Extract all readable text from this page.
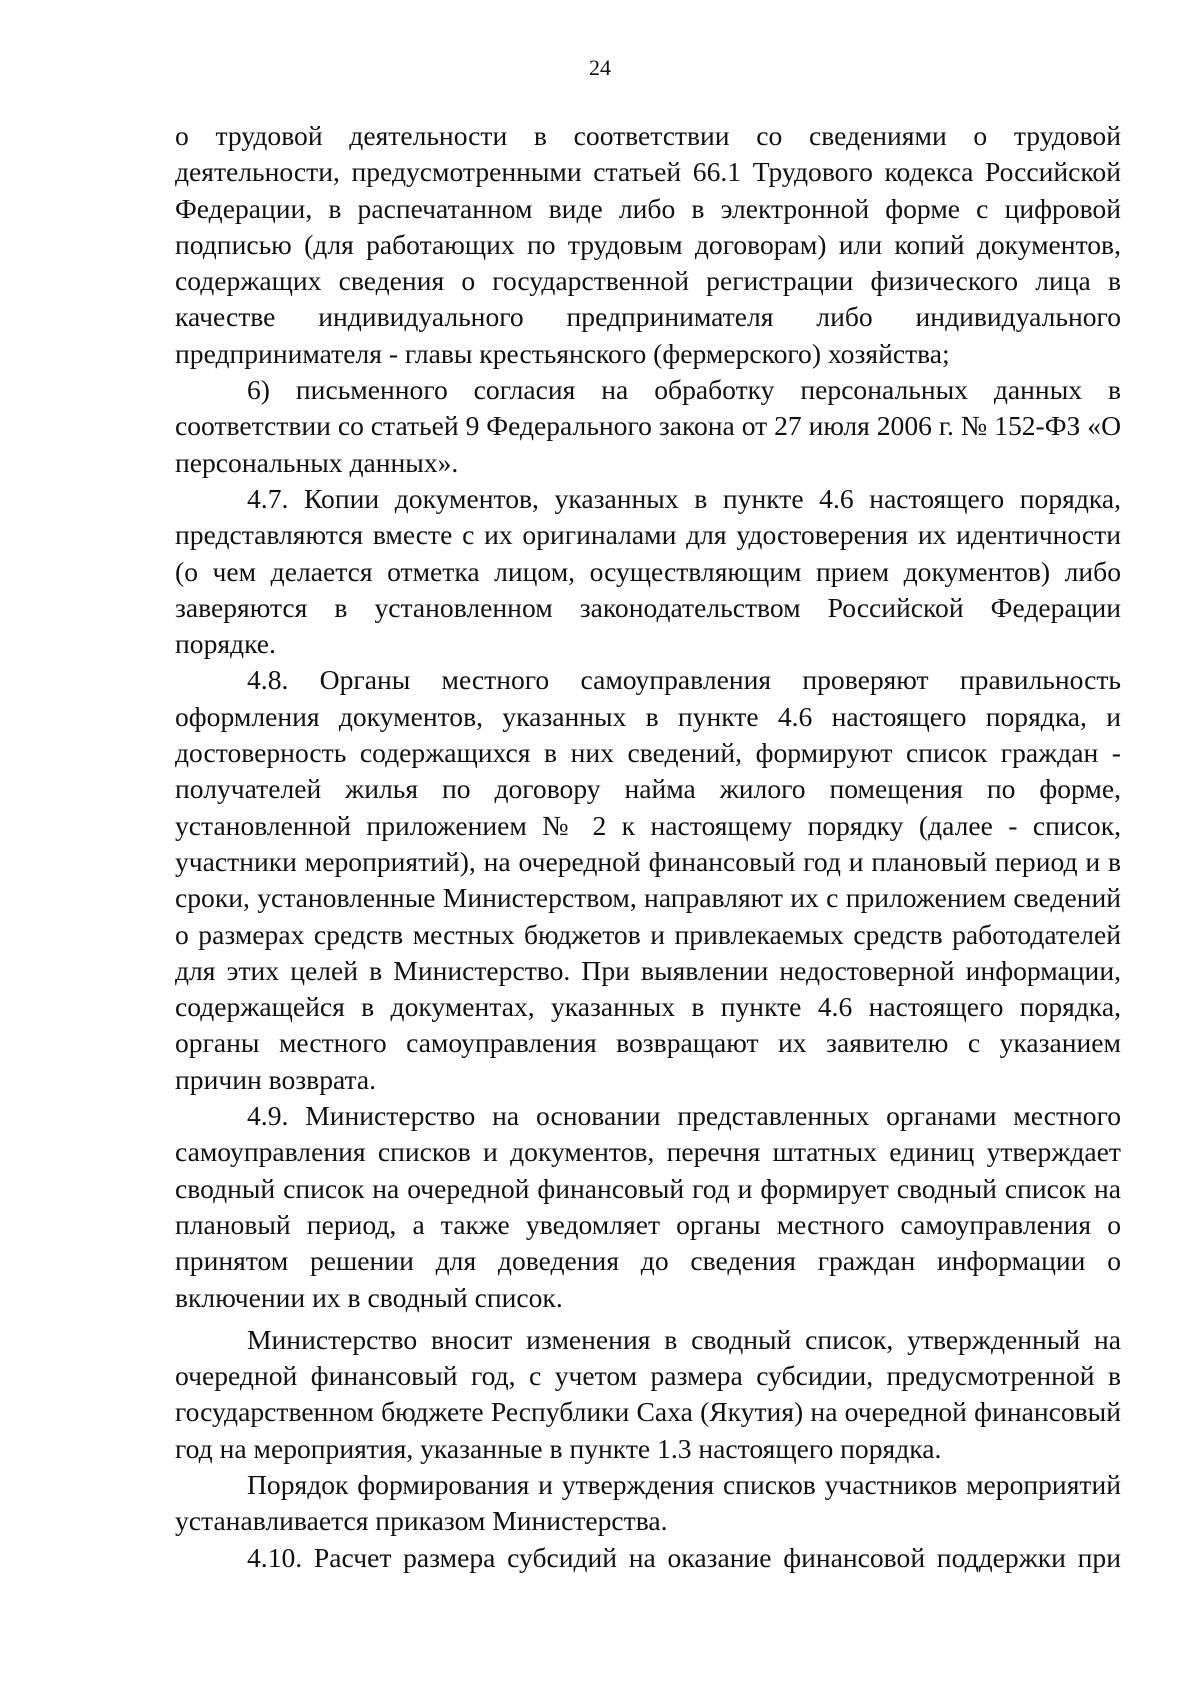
24

о трудовой деятельности в соответствии со сведениями о трудовой деятельности, предусмотренными статьей 66.1 Трудового кодекса Российской Федерации, в распечатанном виде либо в электронной форме с цифровой подписью (для работающих по трудовым договорам) или копий документов, содержащих сведения о государственной регистрации физического лица в качестве индивидуального предпринимателя либо индивидуального предпринимателя - главы крестьянского (фермерского) хозяйства;

6) письменного согласия на обработку персональных данных в соответствии со статьей 9 Федерального закона от 27 июля 2006 г. № 152-ФЗ «О персональных данных».

4.7. Копии документов, указанных в пункте 4.6 настоящего порядка, представляются вместе с их оригиналами для удостоверения их идентичности (о чем делается отметка лицом, осуществляющим прием документов) либо заверяются в установленном законодательством Российской Федерации порядке.

4.8. Органы местного самоуправления проверяют правильность оформления документов, указанных в пункте 4.6 настоящего порядка, и достоверность содержащихся в них сведений, формируют список граждан - получателей жилья по договору найма жилого помещения по форме, установленной приложением № 2 к настоящему порядку (далее - список, участники мероприятий), на очередной финансовый год и плановый период и в сроки, установленные Министерством, направляют их с приложением сведений о размерах средств местных бюджетов и привлекаемых средств работодателей для этих целей в Министерство. При выявлении недостоверной информации, содержащейся в документах, указанных в пункте 4.6 настоящего порядка, органы местного самоуправления возвращают их заявителю с указанием причин возврата.

4.9. Министерство на основании представленных органами местного самоуправления списков и документов, перечня штатных единиц утверждает сводный список на очередной финансовый год и формирует сводный список на плановый период, а также уведомляет органы местного самоуправления о принятом решении для доведения до сведения граждан информации о включении их в сводный список.

Министерство вносит изменения в сводный список, утвержденный на очередной финансовый год, с учетом размера субсидии, предусмотренной в государственном бюджете Республики Саха (Якутия) на очередной финансовый год на мероприятия, указанные в пункте 1.3 настоящего порядка.

Порядок формирования и утверждения списков участников мероприятий устанавливается приказом Министерства.

4.10. Расчет размера субсидий на оказание финансовой поддержки при
